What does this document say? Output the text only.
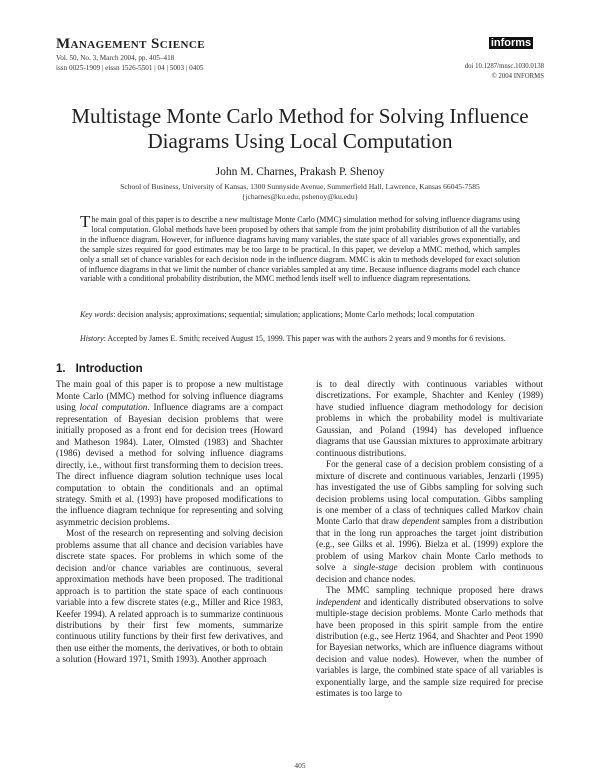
Management Science
Vol. 50, No. 3, March 2004, pp. 405–418
issn 0025-1909 | eissn 1526-5501 | 04 | 5003 | 0405
informs
doi 10.1287/mnsc.1030.0138
© 2004 INFORMS
Multistage Monte Carlo Method for Solving Influence Diagrams Using Local Computation
John M. Charnes, Prakash P. Shenoy
School of Business, University of Kansas, 1300 Sunnyside Avenue, Summerfield Hall, Lawrence, Kansas 66045-7585
{jcharnes@ku.edu, pshenoy@ku.edu}
The main goal of this paper is to describe a new multistage Monte Carlo (MMC) simulation method for solving influence diagrams using local computation. Global methods have been proposed by others that sample from the joint probability distribution of all the variables in the influence diagram. However, for influence diagrams having many variables, the state space of all variables grows exponentially, and the sample sizes required for good estimates may be too large to be practical. In this paper, we develop a MMC method, which samples only a small set of chance variables for each decision node in the influence diagram. MMC is akin to methods developed for exact solution of influence diagrams in that we limit the number of chance variables sampled at any time. Because influence diagrams model each chance variable with a conditional probability distribution, the MMC method lends itself well to influence diagram representations.
Key words: decision analysis; approximations; sequential; simulation; applications; Monte Carlo methods; local computation
History: Accepted by James E. Smith; received August 15, 1999. This paper was with the authors 2 years and 9 months for 6 revisions.
1. Introduction

The main goal of this paper is to propose a new multistage Monte Carlo (MMC) method for solving influence diagrams using local computation. Influence diagrams are a compact representation of Bayesian decision problems that were initially proposed as a front end for decision trees (Howard and Matheson 1984). Later, Olmsted (1983) and Shachter (1986) devised a method for solving influence diagrams directly, i.e., without first transforming them to decision trees. The direct influence diagram solution technique uses local computation to obtain the conditionals and an optimal strategy. Smith et al. (1993) have proposed modifications to the influence diagram technique for representing and solving asymmetric decision problems.

Most of the research on representing and solving decision problems assume that all chance and decision variables have discrete state spaces. For problems in which some of the decision and/or chance variables are continuous, several approximation methods have been proposed. The traditional approach is to partition the state space of each continuous variable into a few discrete states (e.g., Miller and Rice 1983, Keefer 1994). A related approach is to summarize continuous distributions by their first few moments, summarize continuous utility functions by their first few derivatives, and then use either the moments, the derivatives, or both to obtain a solution (Howard 1971, Smith 1993). Another approach

is to deal directly with continuous variables without discretizations. For example, Shachter and Kenley (1989) have studied influence diagram methodology for decision problems in which the probability model is multivariate Gaussian, and Poland (1994) has developed influence diagrams that use Gaussian mixtures to approximate arbitrary continuous distributions.

For the general case of a decision problem consisting of a mixture of discrete and continuous variables, Jenzarli (1995) has investigated the use of Gibbs sampling for solving such decision problems using local computation. Gibbs sampling is one member of a class of techniques called Markov chain Monte Carlo that draw dependent samples from a distribution that in the long run approaches the target joint distribution (e.g., see Gilks et al. 1996). Bielza et al. (1999) explore the problem of using Markov chain Monte Carlo methods to solve a single-stage decision problem with continuous decision and chance nodes.

The MMC sampling technique proposed here draws independent and identically distributed observations to solve multiple-stage decision problems. Monte Carlo methods that have been proposed in this spirit sample from the entire distribution (e.g., see Hertz 1964, and Shachter and Peot 1990 for Bayesian networks, which are influence diagrams without decision and value nodes). However, when the number of variables is large, the combined state space of all variables is exponentially large, and the sample size required for precise estimates is too large to

405
